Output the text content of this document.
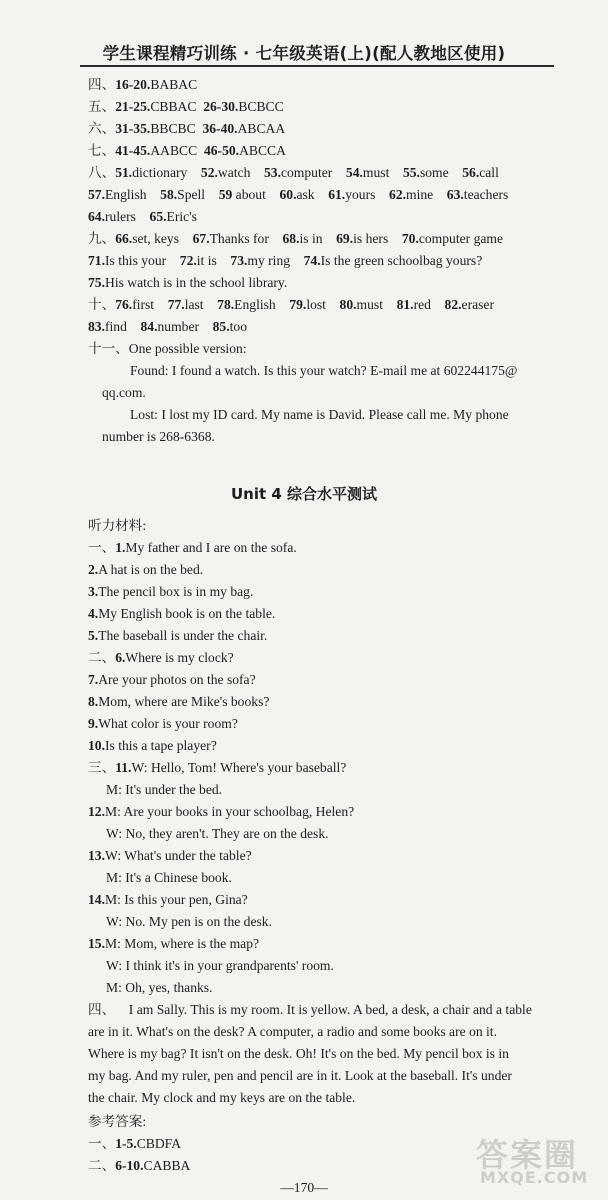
学生课程精巧训练 · 七年级英语(上)(配人教地区使用)
四、16-20.BABAC
五、21-25.CBBAC 26-30.BCBCC
六、31-35.BBCBC 36-40.ABCAA
七、41-45.AABCC 46-50.ABCCA
八、51.dictionary 52.watch 53.computer 54.must 55.some 56.call
57.English 58.Spell 59 about 60.ask 61.yours 62.mine 63.teachers
64.rulers 65.Eric's
九、66.set, keys 67.Thanks for 68.is in 69.is hers 70.computer game
71.Is this your 72.it is 73.my ring 74.Is the green schoolbag yours?
75.His watch is in the school library.
十、76.first 77.last 78.English 79.lost 80.must 81.red 82.eraser
83.find 84.number 85.too
十一、One possible version:
Found: I found a watch. Is this your watch? E-mail me at 602244175@
qq.com.
Lost: I lost my ID card. My name is David. Please call me. My phone
number is 268-6368.
Unit 4 综合水平测试
听力材料:
一、1.My father and I are on the sofa.
2.A hat is on the bed.
3.The pencil box is in my bag.
4.My English book is on the table.
5.The baseball is under the chair.
二、6.Where is my clock?
7.Are your photos on the sofa?
8.Mom, where are Mike's books?
9.What color is your room?
10.Is this a tape player?
三、11.W: Hello, Tom! Where's your baseball?
M: It's under the bed.
12.M: Are your books in your schoolbag, Helen?
W: No, they aren't. They are on the desk.
13.W: What's under the table?
M: It's a Chinese book.
14.M: Is this your pen, Gina?
W: No. My pen is on the desk.
15.M: Mom, where is the map?
W: I think it's in your grandparents' room.
M: Oh, yes, thanks.
四、 I am Sally. This is my room. It is yellow. A bed, a desk, a chair and a table
are in it. What's on the desk? A computer, a radio and some books are on it.
Where is my bag? It isn't on the desk. Oh! It's on the bed. My pencil box is in
my bag. And my ruler, pen and pencil are in it. Look at the baseball. It's under
the chair. My clock and my keys are on the table.
参考答案:
一、1-5.CBDFA
二、6-10.CABBA
—170—
答案圈
MXQE.COM
